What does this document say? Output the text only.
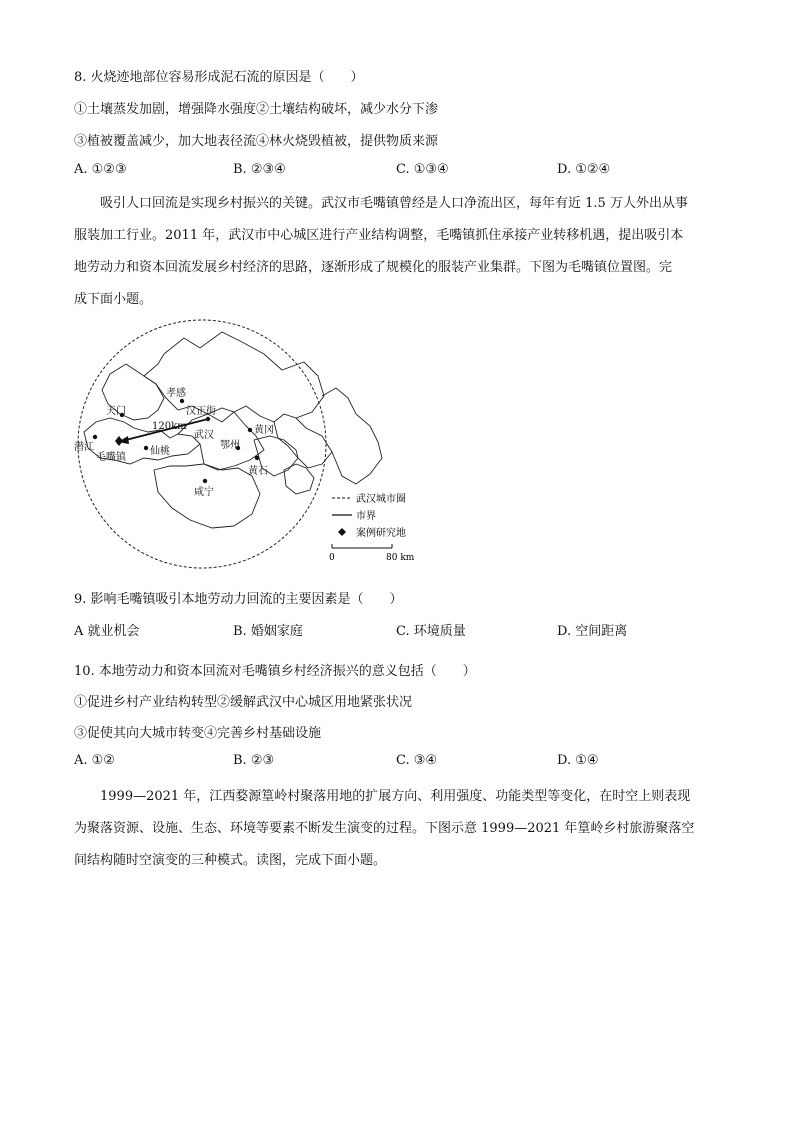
8. 火烧迹地部位容易形成泥石流的原因是（　　）
①土壤蒸发加剧，增强降水强度②土壤结构破坏，减少水分下渗
③植被覆盖减少，加大地表径流④林火烧毁植被，提供物质来源
A. ①②③	B. ②③④	C. ①③④	D. ①②④
　　吸引人口回流是实现乡村振兴的关键。武汉市毛嘴镇曾经是人口净流出区，每年有近 1.5 万人外出从事
服装加工行业。2011 年，武汉市中心城区进行产业结构调整，毛嘴镇抓住承接产业转移机遇，提出吸引本
地劳动力和资本回流发展乡村经济的思路，逐渐形成了规模化的服装产业集群。下图为毛嘴镇位置图。完
成下面小题。
孝感
天门	汉正街
120km
武汉	黄冈
潜江
毛嘴镇
仙桃
鄂州
黄石
咸宁
武汉城市圈
市界
案例研究地
0	80 km
9. 影响毛嘴镇吸引本地劳动力回流的主要因素是（　　）
A 就业机会	B. 婚姻家庭	C. 环境质量	D. 空间距离
10. 本地劳动力和资本回流对毛嘴镇乡村经济振兴的意义包括（　　）
①促进乡村产业结构转型②缓解武汉中心城区用地紧张状况
③促使其向大城市转变④完善乡村基础设施
A. ①②	B. ②③	C. ③④	D. ①④
　　1999—2021 年，江西婺源篁岭村聚落用地的扩展方向、利用强度、功能类型等变化，在时空上则表现
为聚落资源、设施、生态、环境等要素不断发生演变的过程。下图示意 1999—2021 年篁岭乡村旅游聚落空
间结构随时空演变的三种模式。读图，完成下面小题。
